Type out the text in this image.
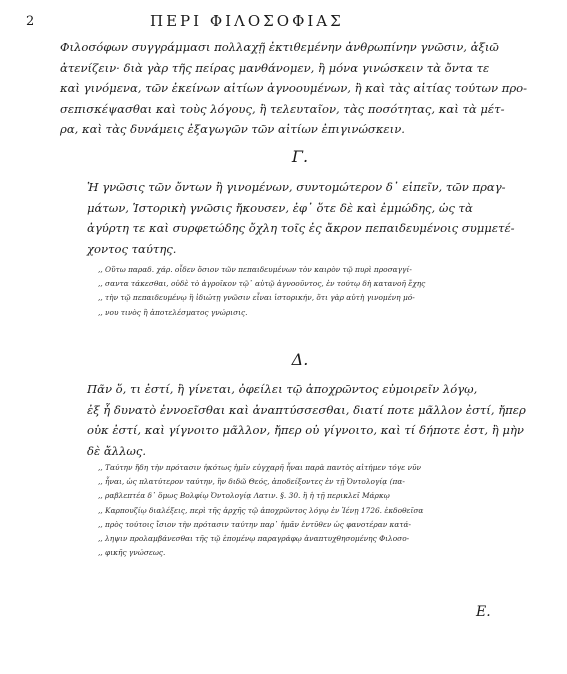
2	ΠΕΡΙ ΦΙΛΟΣΟΦΙΑΣ

Φιλοσόφων συγγράμμασι πολλαχῇ ἐκτιθεμένην ἀνθρωπίνην γνῶσιν, ἀξιῶ
ἀτενίζειν· διὰ γὰρ τῆς πείρας μανθάνομεν, ἢ μόνα γινώσκειν τὰ ὄντα τε
καὶ γινόμενα, τῶν ἐκείνων αἰτίων ἀγνοουμένων, ἢ καὶ τὰς αἰτίας τούτων προ-
σεπισκέψασθαι καὶ τοὺς λόγους, ἢ τελευταῖον, τὰς ποσότητας, καὶ τὰ μέτ-
ρα, καὶ τὰς δυνάμεις ἐξαγωγῶν τῶν αἰτίων ἐπιγινώσκειν.

Γ.

Ἡ γνῶσις τῶν ὄντων ἢ γινομένων, συντομώτερον δ᾽ εἰπεῖν, τῶν πραγ-
μάτων, Ἱστορικὴ γνῶσις ἤκουσεν, ἐφ᾽ ὅτε δὲ καὶ ἐμμώδης, ὡς τὰ
ἀγύρτη τε καὶ συρφετώδης ὄχλη τοῖς ἐς ἄκρον πεπαιδευμένοις συμμετέ-
χοντος ταύτης.

,, Οὕτω παραδ. χάρ. οἶδεν ὅσιον τῶν πεπαιδευμένων τὸν καιρὸν τῷ πυρὶ προσαγγί-
,, σαντα τάκεσθαι, οὐδὲ τὸ ἀγροῖκον τῷ᾽ αὐτῷ ἀγνοοῦντος, ἐν τούτῳ δὴ κατανοῆ ἔχης
,, τὴν τῷ πεπαιδευμένῳ ἢ ἰδιώτῃ γνῶσιν εἶναι ἱστορικήν, ὅτι γὰρ αὐτὴ γινομένη μό-
,, νου τινὸς ἢ ἀποτελέσματος γνώρισις.

Δ.

Πᾶν ὅ, τι ἐστί, ἢ γίνεται, ὀφείλει τῷ ἀποχρῶντος εὐμοιρεῖν λόγῳ,
ἐξ ἧ δυνατὸ ἐννοεῖσθαι καὶ ἀναπτύσσεσθαι, διατί ποτε μᾶλλον ἐστί, ἤπερ
οὐκ ἐστί, καὶ γίγνοιτο μᾶλλον, ἤπερ οὐ γίγνοιτο, καὶ τί δήποτε ἐστ, ἢ μὴν
δὲ ἄλλως.

,, Ταύτην ἤδη τὴν πρότασιν ἠκότως ἡμῖν εὐγχαρῆ ἦναι παρὰ παντὸς αἰτήμεν τόγε νῦν
,, ἦναι, ὡς πλατύτερον ταύτην, ἣν διδῶ Θεός, ἀποδείξοντες ἐν τῇ Ὀντολογίᾳ (πα-
,, ραβλεπτέα δ᾽ ὅμως Βολφίῳ Ὀντολογίᾳ Λατιν. §. 30. ἢ ἡ τῇ περικλεῖ Μάρκῳ
,, Καρπουζίῳ διαλέξεις, περὶ τῆς ἀρχῆς τῷ ἀποχρῶντος λόγῳ ἐν Ἰένῃ 1726. ἐκδοθεῖσα
,, πρὸς τούτοις ἴσιον τὴν πρότασιν ταύτην παρ᾽ ἡμᾶν ἐντῦθεν ὡς φανοτέραν κατά-
,, ληψιν προλαμβάνεσθαι τῆς τῷ ἑπομένῳ παραγράφῳ ἀναπτυχθησομένης Φιλοσο-
,, φικῆς γνώσεως.

Ε.
